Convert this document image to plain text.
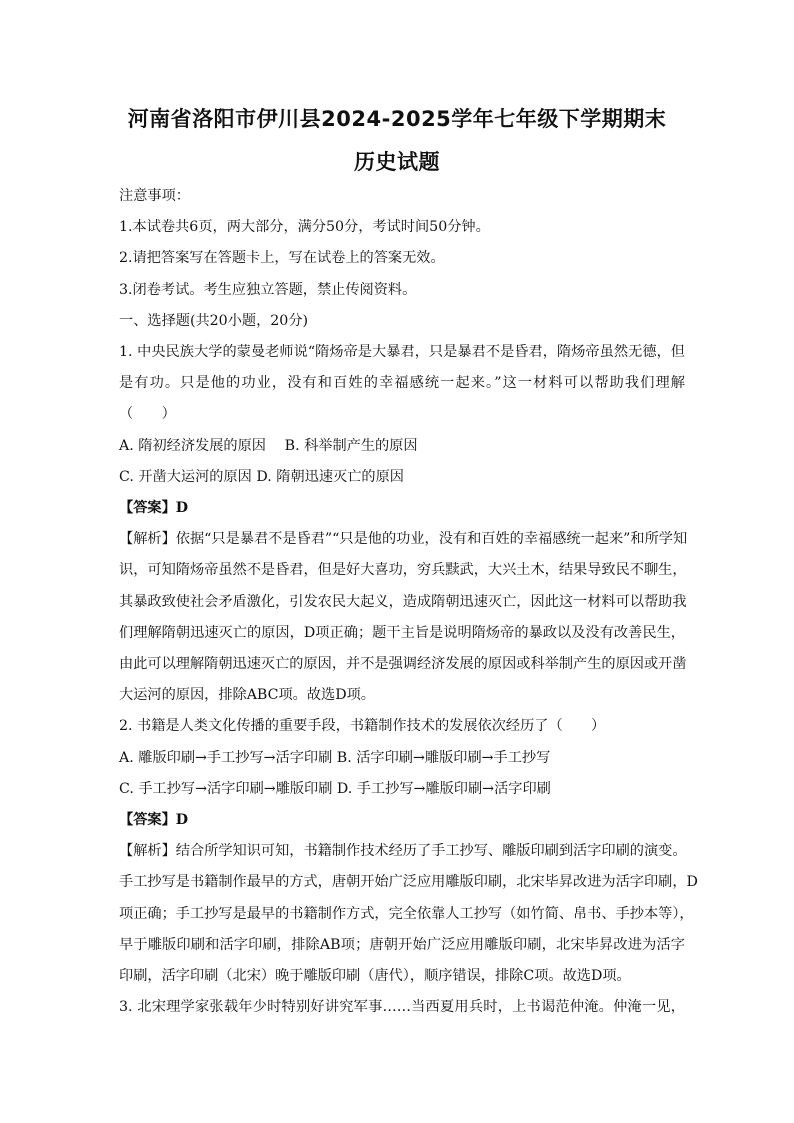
河南省洛阳市伊川县2024-2025学年七年级下学期期末
历史试题
注意事项：
1.本试卷共6页，两大部分，满分50分，考试时间50分钟。
2.请把答案写在答题卡上，写在试卷上的答案无效。
3.闭卷考试。考生应独立答题，禁止传阅资料。
一、选择题(共20小题，20分)
1. 中央民族大学的蒙曼老师说“隋炀帝是大暴君，只是暴君不是昏君，隋炀帝虽然无德，但
是有功。只是他的功业，没有和百姓的幸福感统一起来。”这一材料可以帮助我们理解
（　　）
A. 隋初经济发展的原因　 B. 科举制产生的原因
C. 开凿大运河的原因 D. 隋朝迅速灭亡的原因
【答案】D
【解析】依据“只是暴君不是昏君”“只是他的功业，没有和百姓的幸福感统一起来”和所学知
识，可知隋炀帝虽然不是昏君，但是好大喜功，穷兵黩武，大兴土木，结果导致民不聊生，
其暴政致使社会矛盾激化，引发农民大起义，造成隋朝迅速灭亡，因此这一材料可以帮助我
们理解隋朝迅速灭亡的原因，D项正确；题干主旨是说明隋炀帝的暴政以及没有改善民生，
由此可以理解隋朝迅速灭亡的原因，并不是强调经济发展的原因或科举制产生的原因或开凿
大运河的原因，排除ABC项。故选D项。
2. 书籍是人类文化传播的重要手段，书籍制作技术的发展依次经历了（　　）
A. 雕版印刷→手工抄写→活字印刷 B. 活字印刷→雕版印刷→手工抄写
C. 手工抄写→活字印刷→雕版印刷 D. 手工抄写→雕版印刷→活字印刷
【答案】D
【解析】结合所学知识可知，书籍制作技术经历了手工抄写、雕版印刷到活字印刷的演变。
手工抄写是书籍制作最早的方式，唐朝开始广泛应用雕版印刷，北宋毕昇改进为活字印刷，D
项正确；手工抄写是最早的书籍制作方式，完全依靠人工抄写（如竹简、帛书、手抄本等），
早于雕版印刷和活字印刷，排除AB项；唐朝开始广泛应用雕版印刷，北宋毕昇改进为活字
印刷，活字印刷（北宋）晚于雕版印刷（唐代），顺序错误，排除C项。故选D项。
3. 北宋理学家张载年少时特别好讲究军事……当西夏用兵时，上书谒范仲淹。仲淹一见，
